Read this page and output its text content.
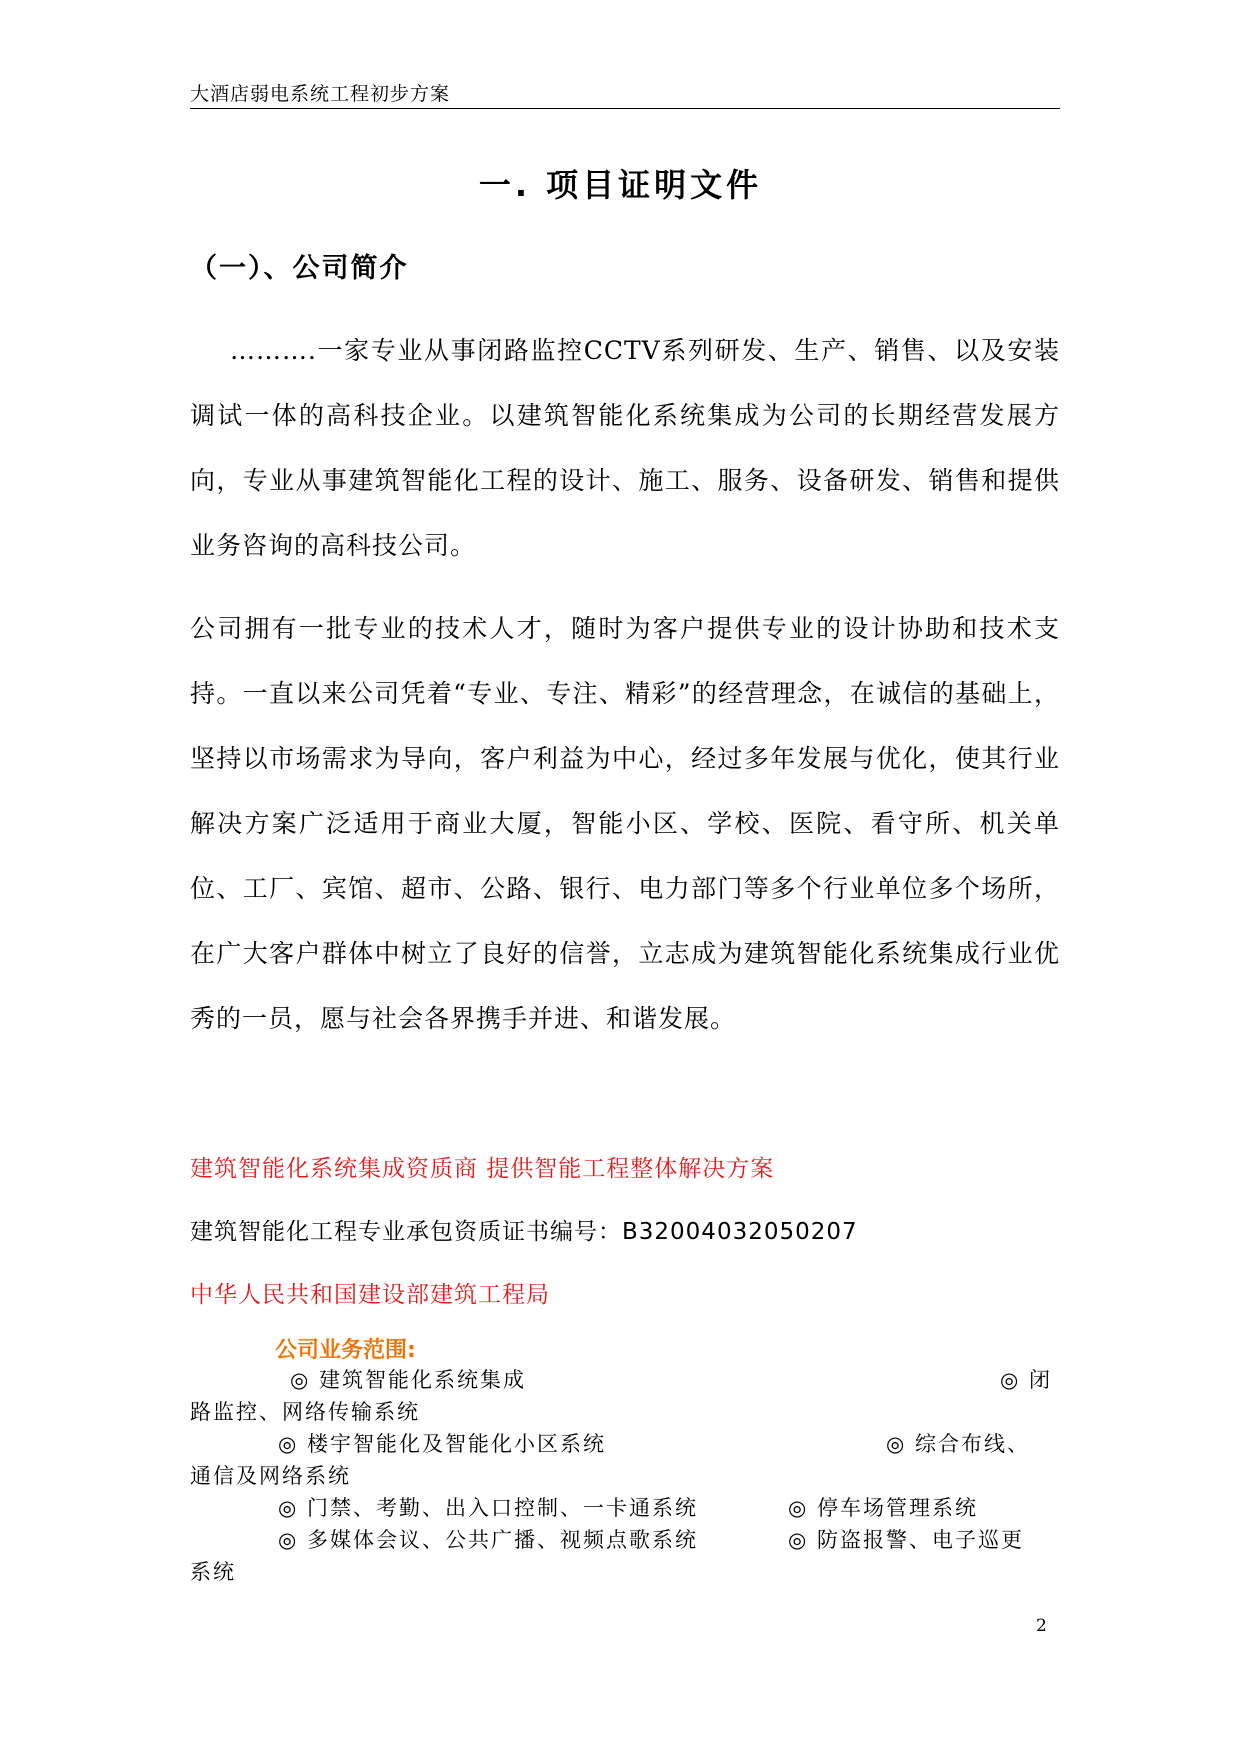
大酒店弱电系统工程初步方案
一. 项目证明文件
（一）、公司简介

……….一家专业从事闭路监控CCTV系列研发、生产、销售、以及安装调试一体的高科技企业。以建筑智能化系统集成为公司的长期经营发展方向，专业从事建筑智能化工程的设计、施工、服务、设备研发、销售和提供业务咨询的高科技公司。

公司拥有一批专业的技术人才，随时为客户提供专业的设计协助和技术支持。一直以来公司凭着“专业、专注、精彩”的经营理念，在诚信的基础上，坚持以市场需求为导向，客户利益为中心，经过多年发展与优化，使其行业解决方案广泛适用于商业大厦，智能小区、学校、医院、看守所、机关单位、工厂、宾馆、超市、公路、银行、电力部门等多个行业单位多个场所，在广大客户群体中树立了良好的信誉，立志成为建筑智能化系统集成行业优秀的一员，愿与社会各界携手并进、和谐发展。

建筑智能化系统集成资质商 提供智能工程整体解决方案
建筑智能化工程专业承包资质证书编号：B32004032050207
中华人民共和国建设部建筑工程局
公司业务范围:
◎ 建筑智能化系统集成	◎ 闭
路监控、网络传输系统
◎ 楼宇智能化及智能化小区系统	◎ 综合布线、
通信及网络系统
◎ 门禁、考勤、出入口控制、一卡通系统	◎ 停车场管理系统
◎ 多媒体会议、公共广播、视频点歌系统	◎ 防盗报警、电子巡更
系统
2
